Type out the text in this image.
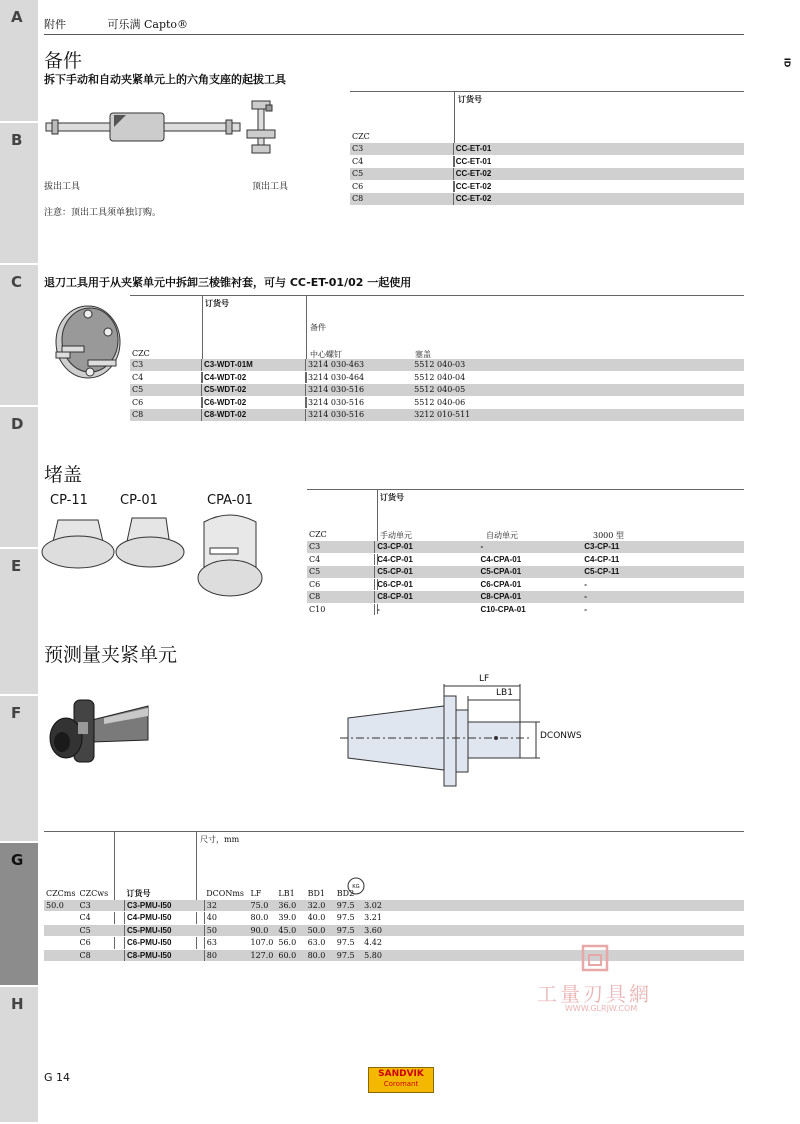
A
B
C
D
E
F
G
H
附件	可乐满 Capto®
ID
备件
拆下手动和自动夹紧单元上的六角支座的起拔工具
拔出工具	顶出工具
注意：顶出工具须单独订购。
订货号
CZC
C3	CC-ET-01
C4	CC-ET-01
C5	CC-ET-02
C6	CC-ET-02
C8	CC-ET-02
退刀工具用于从夹紧单元中拆卸三棱锥衬套，可与 CC-ET-01/02 一起使用
订货号
备件
CZC	中心螺钉	塞盖
C3	C3-WDT-01M	3214 030-463	5512 040-03
C4	C4-WDT-02	3214 030-464	5512 040-04
C5	C5-WDT-02	3214 030-516	5512 040-05
C6	C6-WDT-02	3214 030-516	5512 040-06
C8	C8-WDT-02	3214 030-516	3212 010-511
堵盖
CP-11 CP-01	CPA-01	订货号
CZC	手动单元	自动单元	3000 型
C3	C3-CP-01	-	C3-CP-11
C4	C4-CP-01	C4-CPA-01	C4-CP-11
C5	C5-CP-01	C5-CPA-01	C5-CP-11
C6	C6-CP-01	C6-CPA-01	-
C8	C8-CP-01	C8-CPA-01	-
C10	-	C10-CPA-01	-
预测量夹紧单元
LF
LB1
DCONWS
尺寸，mm
KG
CZCms	CZCws	订货号	DCONms	LF	LB1	BD1	BD2	
50.0	C3	C3-PMU-I50	32	75.0	36.0	32.0	97.5	3.02
	C4	C4-PMU-I50	40	80.0	39.0	40.0	97.5	3.21
	C5	C5-PMU-I50	50	90.0	45.0	50.0	97.5	3.60
	C6	C6-PMU-I50	63	107.0	56.0	63.0	97.5	4.42
	C8	C8-PMU-I50	80	127.0	60.0	80.0	97.5	5.80
工量刃具網
WWW.GLRJW.COM
G 14	SANDVIK
Coromant
